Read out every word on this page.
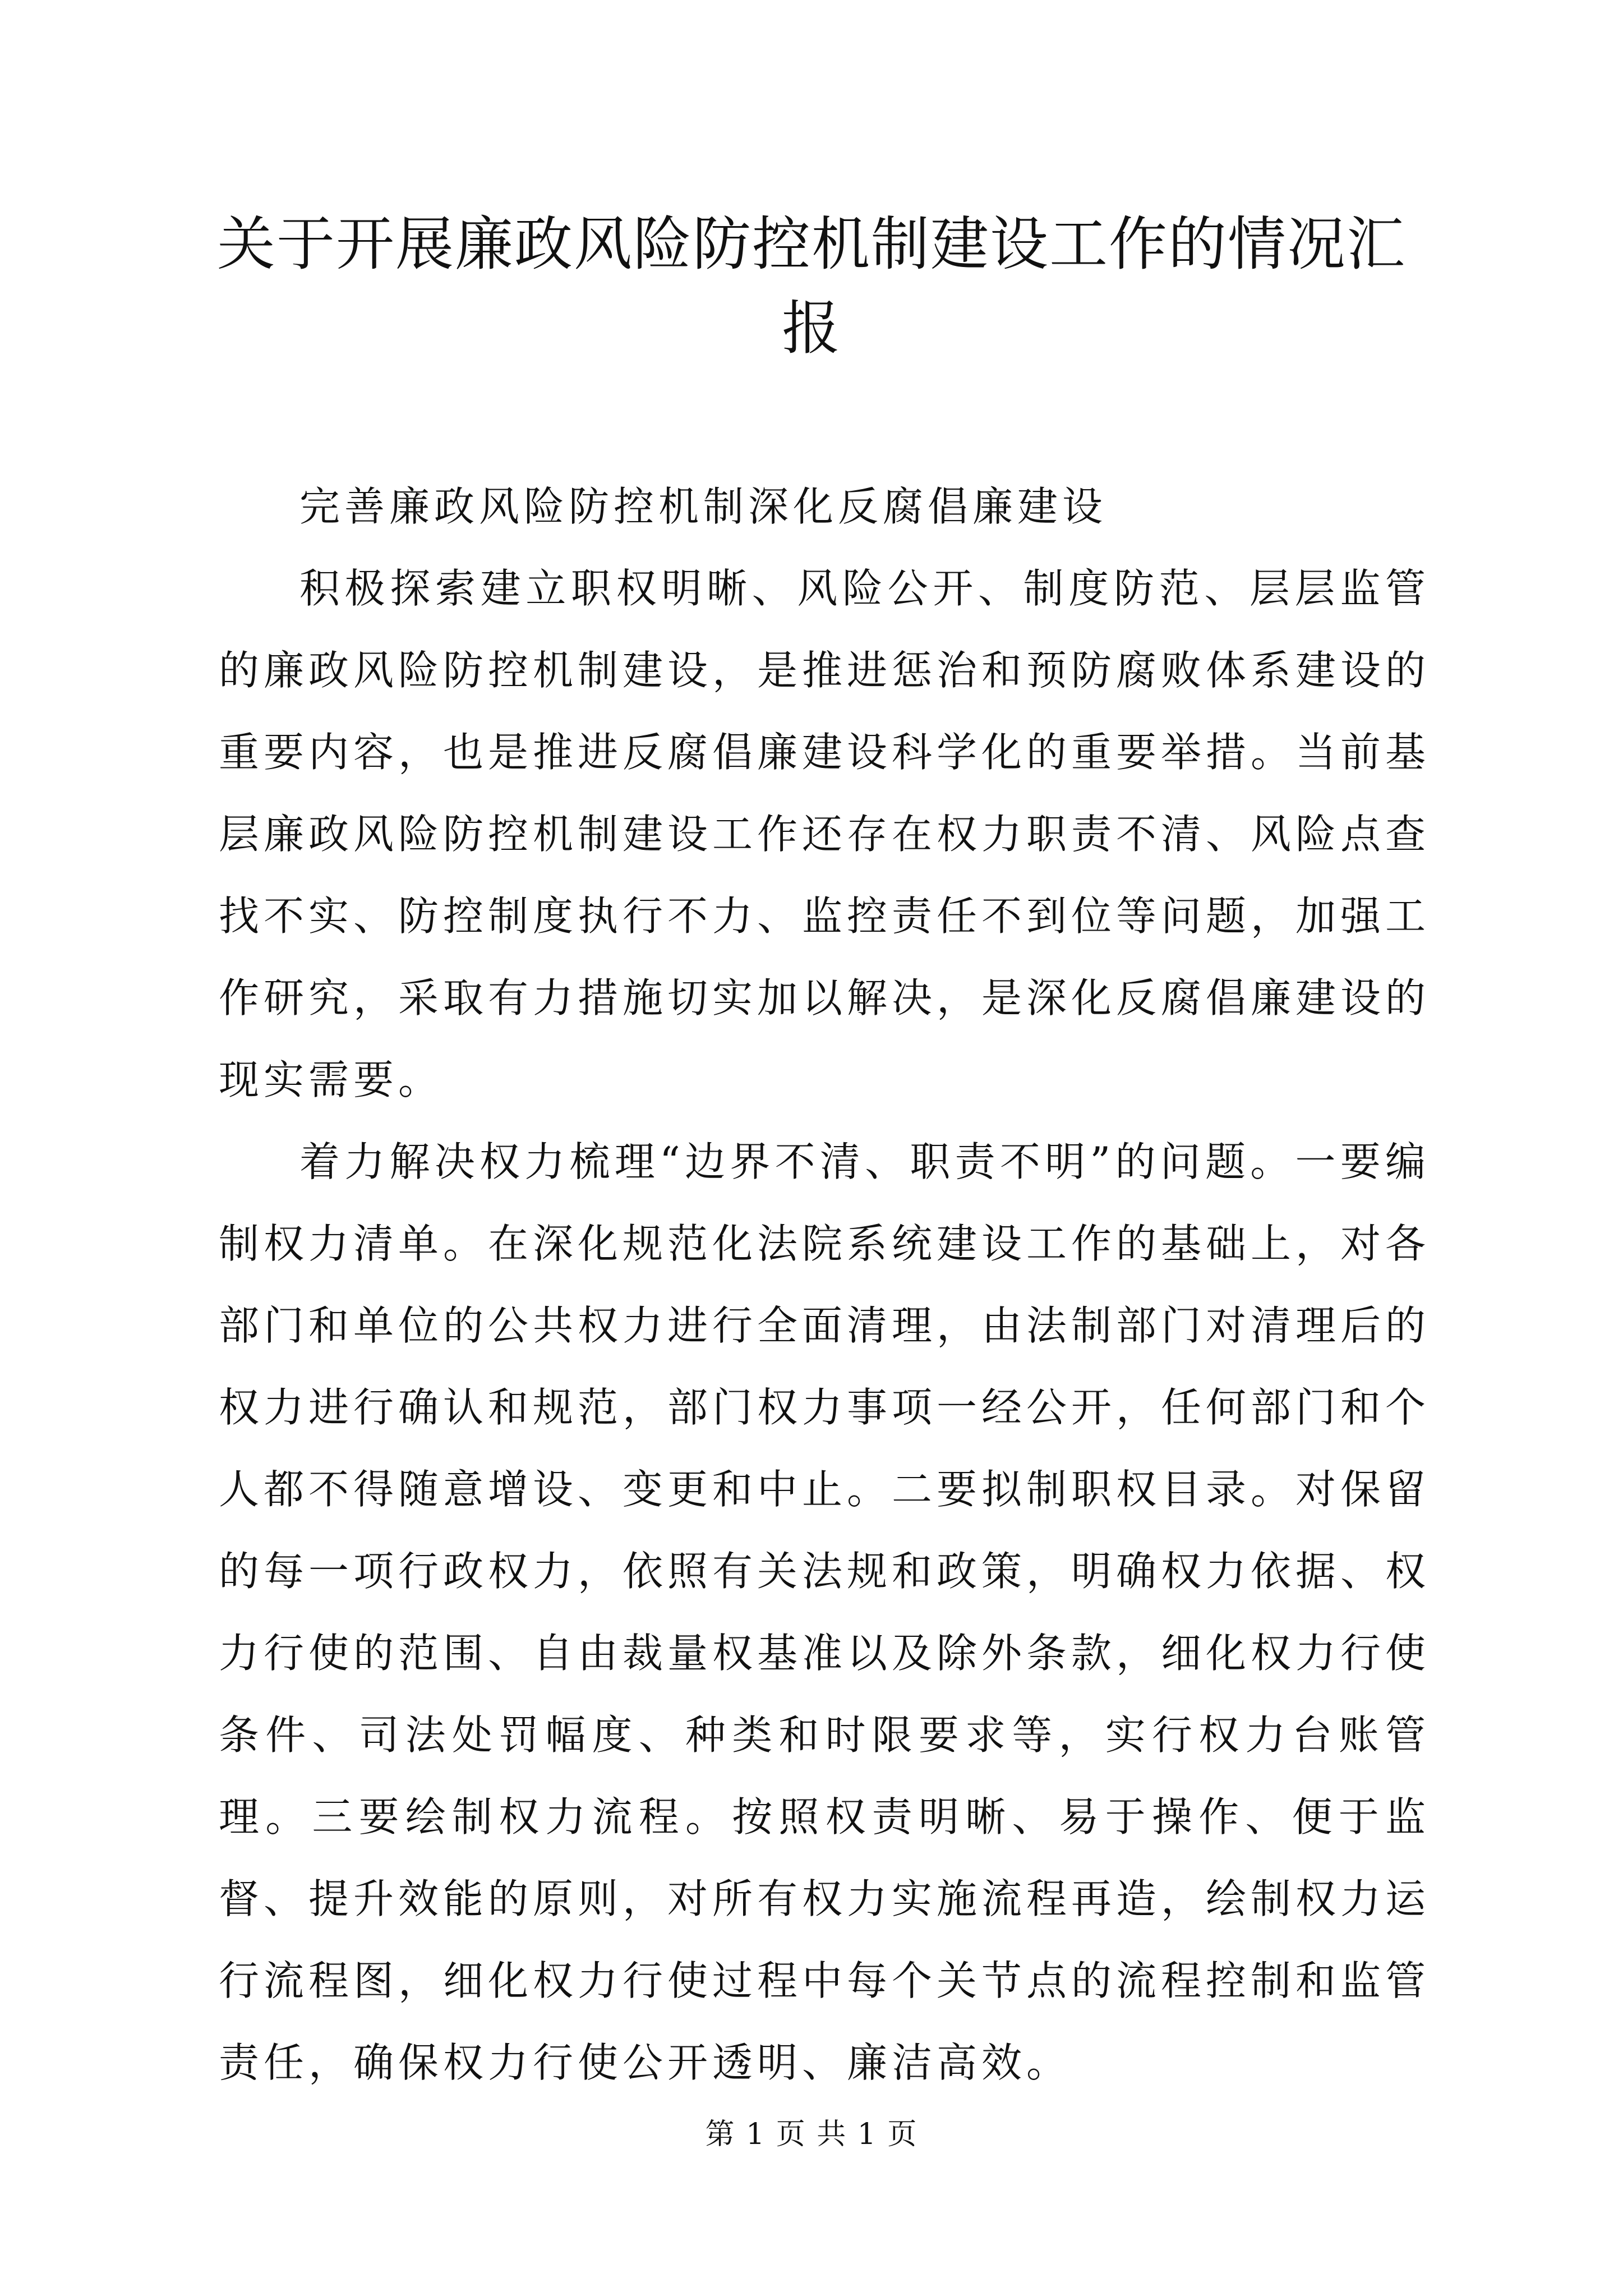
关于开展廉政风险防控机制建设工作的情况汇报

完善廉政风险防控机制深化反腐倡廉建设

积极探索建立职权明晰、风险公开、制度防范、层层监管的廉政风险防控机制建设，是推进惩治和预防腐败体系建设的重要内容，也是推进反腐倡廉建设科学化的重要举措。当前基层廉政风险防控机制建设工作还存在权力职责不清、风险点查找不实、防控制度执行不力、监控责任不到位等问题，加强工作研究，采取有力措施切实加以解决，是深化反腐倡廉建设的现实需要。

着力解决权力梳理“边界不清、职责不明”的问题。一要编制权力清单。在深化规范化法院系统建设工作的基础上，对各部门和单位的公共权力进行全面清理，由法制部门对清理后的权力进行确认和规范，部门权力事项一经公开，任何部门和个人都不得随意增设、变更和中止。二要拟制职权目录。对保留的每一项行政权力，依照有关法规和政策，明确权力依据、权力行使的范围、自由裁量权基准以及除外条款，细化权力行使条件、司法处罚幅度、种类和时限要求等，实行权力台账管理。三要绘制权力流程。按照权责明晰、易于操作、便于监督、提升效能的原则，对所有权力实施流程再造，绘制权力运行流程图，细化权力行使过程中每个关节点的流程控制和监管责任，确保权力行使公开透明、廉洁高效。

第 1 页 共 1 页
